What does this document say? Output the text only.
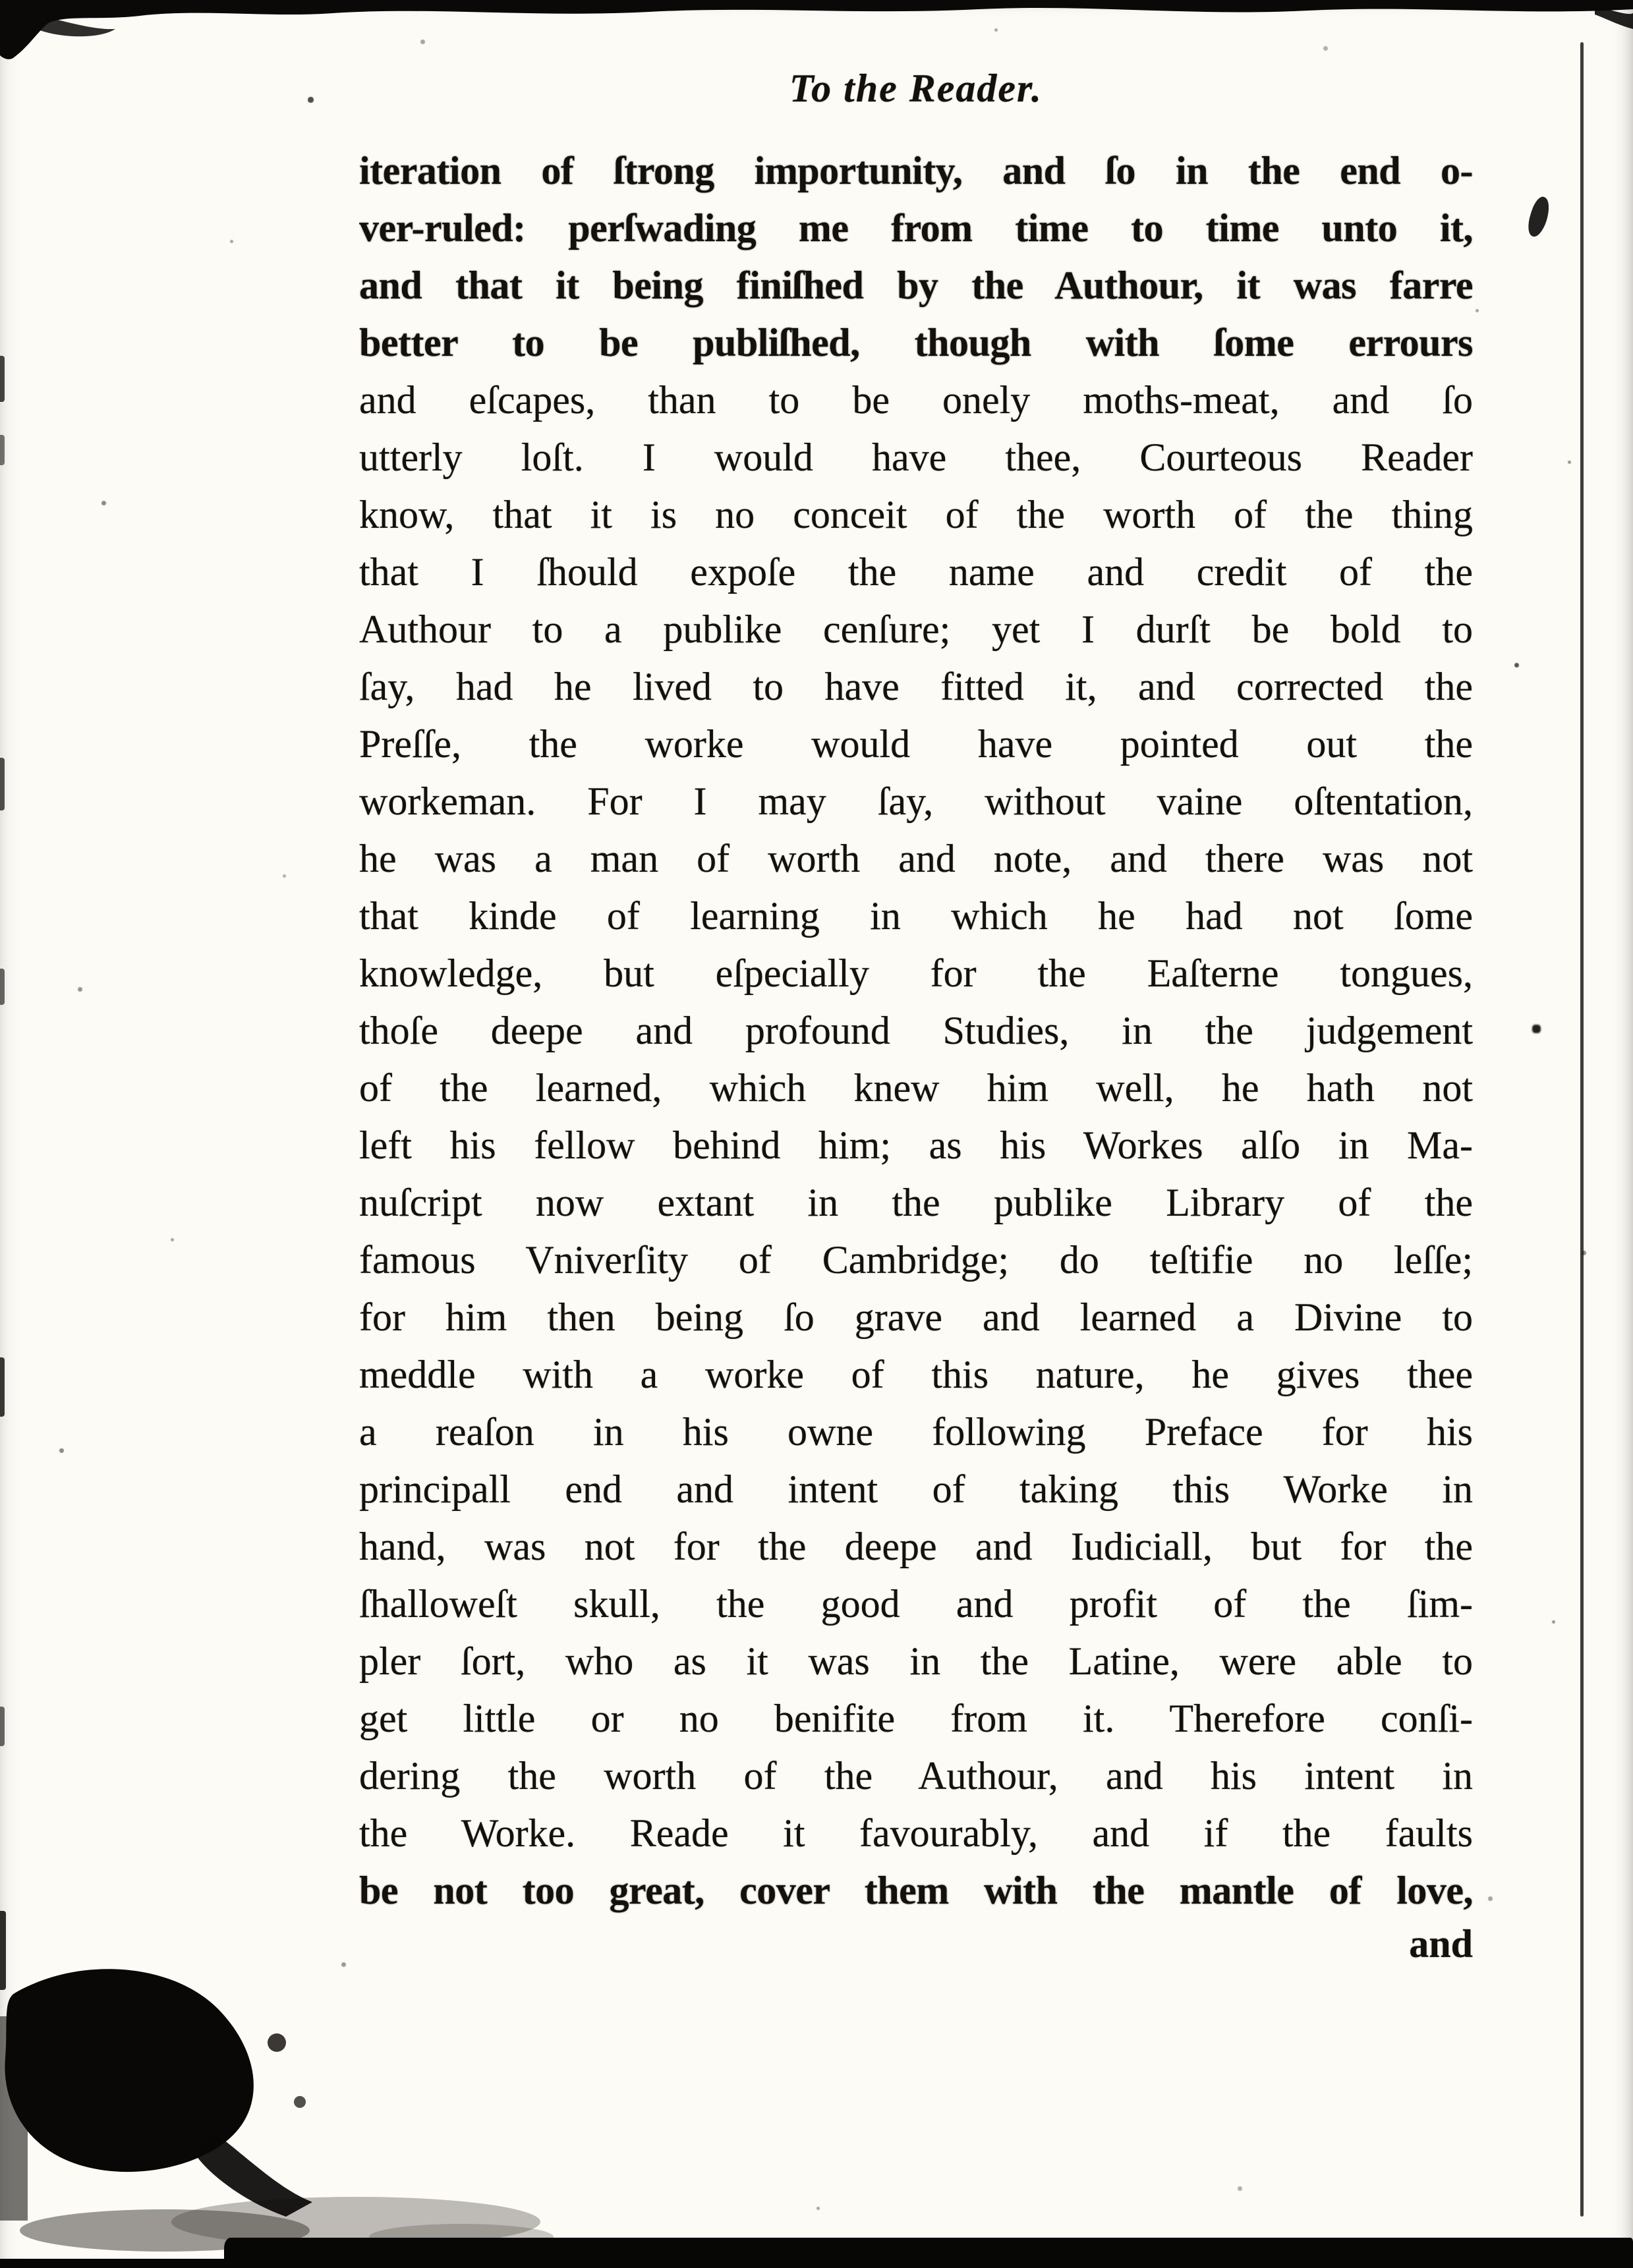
To the Reader.
iteration of ſtrong importunity, and ſo in the end o-
ver-ruled: perſwading me from time to time unto it,
and that it being finiſhed by the Authour, it was farre
better to be publiſhed, though with ſome errours
and eſcapes, than to be onely moths-meat, and ſo
utterly loſt. I would have thee, Courteous Reader
know, that it is no conceit of the worth of the thing
that I ſhould expoſe the name and credit of the
Authour to a publike cenſure; yet I durſt be bold to
ſay, had he lived to have fitted it, and corrected the
Preſſe, the worke would have pointed out the
workeman. For I may ſay, without vaine oſtentation,
he was a man of worth and note, and there was not
that kinde of learning in which he had not ſome
knowledge, but eſpecially for the Eaſterne tongues,
thoſe deepe and profound Studies, in the judgement
of the learned, which knew him well, he hath not
left his fellow behind him; as his Workes alſo in Ma-
nuſcript now extant in the publike Library of the
famous Vniverſity of Cambridge; do teſtifie no leſſe;
for him then being ſo grave and learned a Divine to
meddle with a worke of this nature, he gives thee
a reaſon in his owne following Preface for his
principall end and intent of taking this Worke in
hand, was not for the deepe and Iudiciall, but for the
ſhalloweſt skull, the good and profit of the ſim-
pler ſort, who as it was in the Latine, were able to
get little or no benifite from it. Therefore conſi-
dering the worth of the Authour, and his intent in
the Worke. Reade it favourably, and if the faults
be not too great, cover them with the mantle of love,
and
